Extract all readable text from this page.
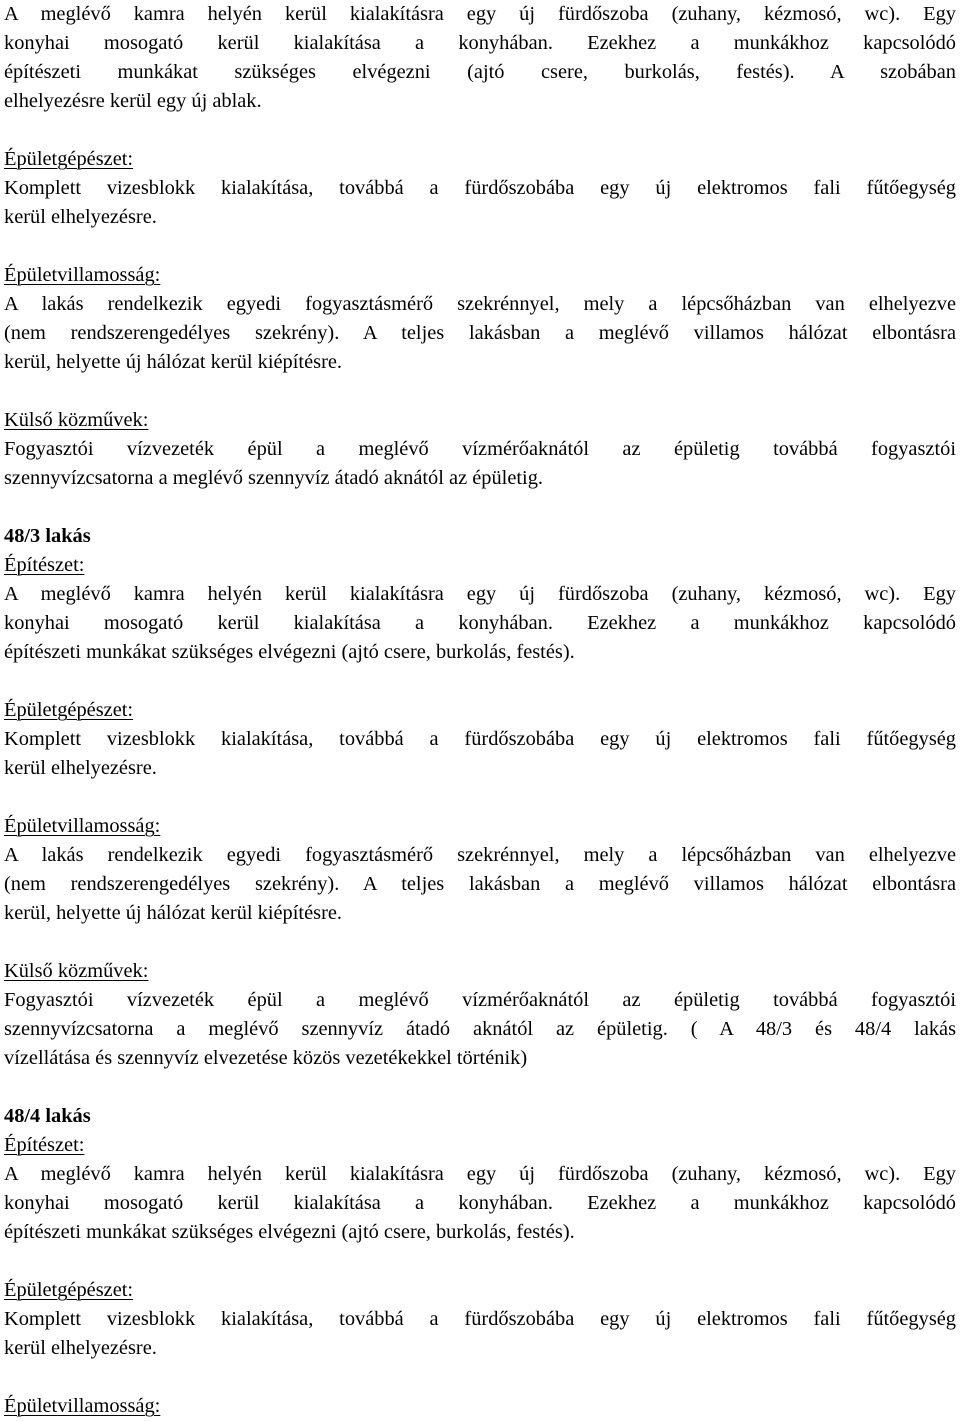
A meglévő kamra helyén kerül kialakításra egy új fürdőszoba (zuhany, kézmosó, wc). Egy
konyhai mosogató kerül kialakítása a konyhában. Ezekhez a munkákhoz kapcsolódó
építészeti munkákat szükséges elvégezni (ajtó csere, burkolás, festés). A szobában
elhelyezésre kerül egy új ablak.
Épületgépészet:
Komplett vizesblokk kialakítása, továbbá a fürdőszobába egy új elektromos fali fűtőegység
kerül elhelyezésre.
Épületvillamosság:
A lakás rendelkezik egyedi fogyasztásmérő szekrénnyel, mely a lépcsőházban van elhelyezve
(nem rendszerengedélyes szekrény). A teljes lakásban a meglévő villamos hálózat elbontásra
kerül, helyette új hálózat kerül kiépítésre.
Külső közművek:
Fogyasztói vízvezeték épül a meglévő vízmérőaknától az épületig továbbá fogyasztói
szennyvízcsatorna a meglévő szennyvíz átadó aknától az épületig.
48/3 lakás
Építészet:
A meglévő kamra helyén kerül kialakításra egy új fürdőszoba (zuhany, kézmosó, wc). Egy
konyhai mosogató kerül kialakítása a konyhában. Ezekhez a munkákhoz kapcsolódó
építészeti munkákat szükséges elvégezni (ajtó csere, burkolás, festés).
Épületgépészet:
Komplett vizesblokk kialakítása, továbbá a fürdőszobába egy új elektromos fali fűtőegység
kerül elhelyezésre.
Épületvillamosság:
A lakás rendelkezik egyedi fogyasztásmérő szekrénnyel, mely a lépcsőházban van elhelyezve
(nem rendszerengedélyes szekrény). A teljes lakásban a meglévő villamos hálózat elbontásra
kerül, helyette új hálózat kerül kiépítésre.
Külső közművek:
Fogyasztói vízvezeték épül a meglévő vízmérőaknától az épületig továbbá fogyasztói
szennyvízcsatorna a meglévő szennyvíz átadó aknától az épületig. ( A 48/3 és 48/4 lakás
vízellátása és szennyvíz elvezetése közös vezetékekkel történik)
48/4 lakás
Építészet:
A meglévő kamra helyén kerül kialakításra egy új fürdőszoba (zuhany, kézmosó, wc). Egy
konyhai mosogató kerül kialakítása a konyhában. Ezekhez a munkákhoz kapcsolódó
építészeti munkákat szükséges elvégezni (ajtó csere, burkolás, festés).
Épületgépészet:
Komplett vizesblokk kialakítása, továbbá a fürdőszobába egy új elektromos fali fűtőegység
kerül elhelyezésre.
Épületvillamosság:
